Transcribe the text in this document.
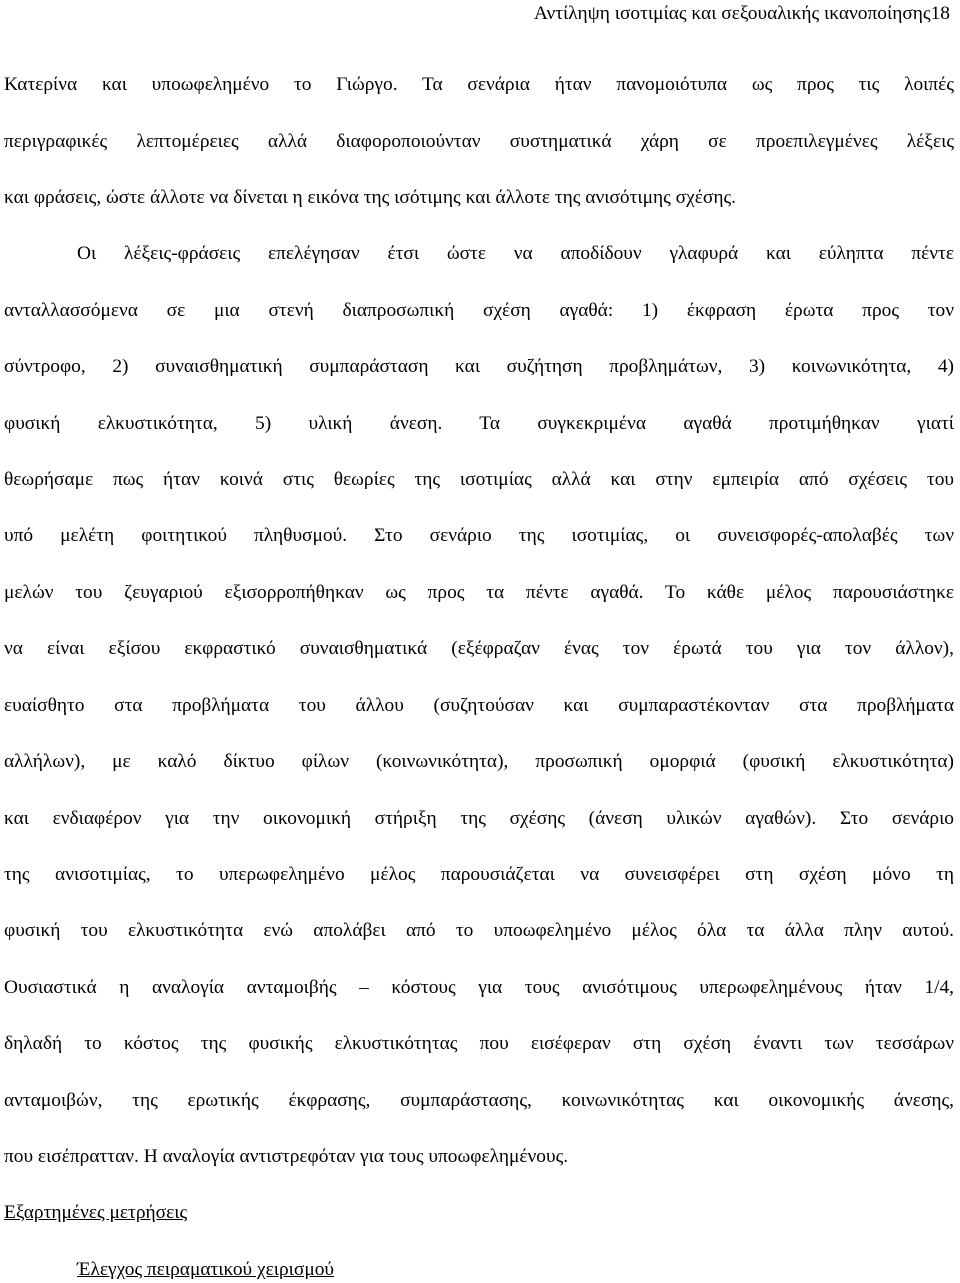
Αντίληψη ισοτιμίας και σεξουαλικής ικανοποίησης18
Κατερίνα και υποωφελημένο το Γιώργο. Τα σενάρια ήταν πανομοιότυπα ως προς τις λοιπές
περιγραφικές λεπτομέρειες αλλά διαφοροποιούνταν συστηματικά χάρη σε προεπιλεγμένες λέξεις
και φράσεις, ώστε άλλοτε να δίνεται η εικόνα της ισότιμης και άλλοτε της ανισότιμης σχέσης.
Οι λέξεις-φράσεις επελέγησαν έτσι ώστε να αποδίδουν γλαφυρά και εύληπτα πέντε
ανταλλασσόμενα σε μια στενή διαπροσωπική σχέση αγαθά: 1) έκφραση έρωτα προς τον
σύντροφο, 2) συναισθηματική συμπαράσταση και συζήτηση προβλημάτων, 3) κοινωνικότητα, 4)
φυσική ελκυστικότητα, 5) υλική άνεση. Τα συγκεκριμένα αγαθά προτιμήθηκαν γιατί
θεωρήσαμε πως ήταν κοινά στις θεωρίες της ισοτιμίας αλλά και στην εμπειρία από σχέσεις του
υπό μελέτη φοιτητικού πληθυσμού. Στο σενάριο της ισοτιμίας, οι συνεισφορές-απολαβές των
μελών του ζευγαριού εξισορροπήθηκαν ως προς τα πέντε αγαθά. Το κάθε μέλος παρουσιάστηκε
να είναι εξίσου εκφραστικό συναισθηματικά (εξέφραζαν ένας τον έρωτά του για τον άλλον),
ευαίσθητο στα προβλήματα του άλλου (συζητούσαν και συμπαραστέκονταν στα προβλήματα
αλλήλων), με καλό δίκτυο φίλων (κοινωνικότητα), προσωπική ομορφιά (φυσική ελκυστικότητα)
και ενδιαφέρον για την οικονομική στήριξη της σχέσης (άνεση υλικών αγαθών). Στο σενάριο
της ανισοτιμίας, το υπερωφελημένο μέλος παρουσιάζεται να συνεισφέρει στη σχέση μόνο τη
φυσική του ελκυστικότητα ενώ απολάβει από το υποωφελημένο μέλος όλα τα άλλα πλην αυτού.
Ουσιαστικά η αναλογία ανταμοιβής – κόστους για τους ανισότιμους υπερωφελημένους ήταν 1/4,
δηλαδή το κόστος της φυσικής ελκυστικότητας που εισέφεραν στη σχέση έναντι των τεσσάρων
ανταμοιβών, της ερωτικής έκφρασης, συμπαράστασης, κοινωνικότητας και οικονομικής άνεσης,
που εισέπρατταν. Η αναλογία αντιστρεφόταν για τους υποωφελημένους.
Εξαρτημένες μετρήσεις
Έλεγχος πειραματικού χειρισμού
